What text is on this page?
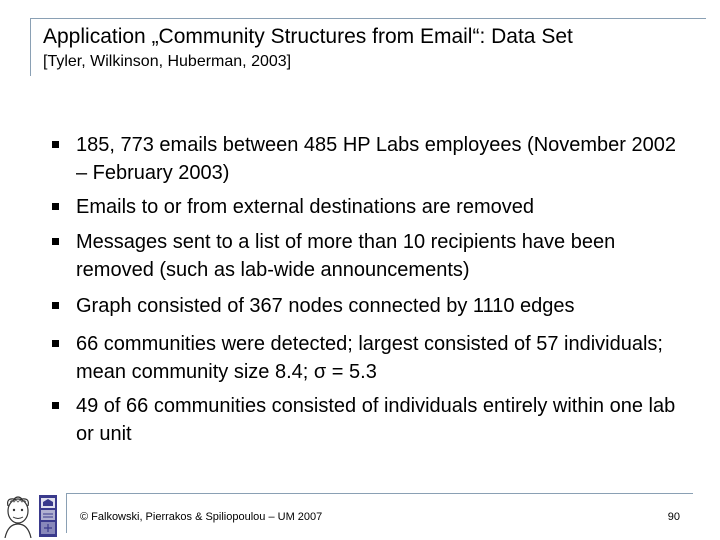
Application „Community Structures from Email“: Data Set
[Tyler, Wilkinson, Huberman, 2003]
185, 773 emails between 485 HP Labs employees (November 2002 – February 2003)
Emails to or from external destinations are removed
Messages sent to a list of more than 10 recipients have been removed (such as lab-wide announcements)
Graph consisted of 367 nodes connected by 1110 edges
66 communities were detected; largest consisted of 57 individuals; mean community size 8.4; σ = 5.3
49 of 66 communities consisted of individuals entirely within one lab or unit
© Falkowski, Pierrakos & Spiliopoulou – UM 2007	90
